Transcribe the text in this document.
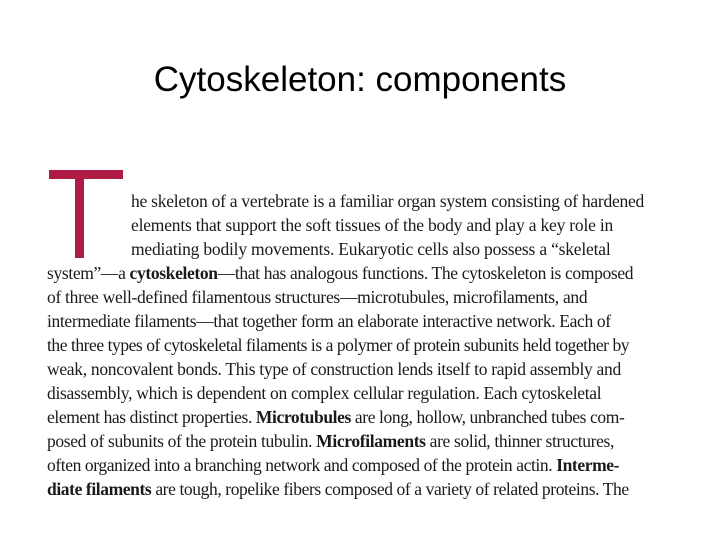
Cytoskeleton: components
he skeleton of a vertebrate is a familiar organ system consisting of hardened
elements that support the soft tissues of the body and play a key role in
mediating bodily movements. Eukaryotic cells also possess a “skeletal
system”—a cytoskeleton—that has analogous functions. The cytoskeleton is composed
of three well-defined filamentous structures—microtubules, microfilaments, and
intermediate filaments—that together form an elaborate interactive network. Each of
the three types of cytoskeletal filaments is a polymer of protein subunits held together by
weak, noncovalent bonds. This type of construction lends itself to rapid assembly and
disassembly, which is dependent on complex cellular regulation. Each cytoskeletal
element has distinct properties. Microtubules are long, hollow, unbranched tubes com-
posed of subunits of the protein tubulin. Microfilaments are solid, thinner structures,
often organized into a branching network and composed of the protein actin. Interme-
diate filaments are tough, ropelike fibers composed of a variety of related proteins. The
